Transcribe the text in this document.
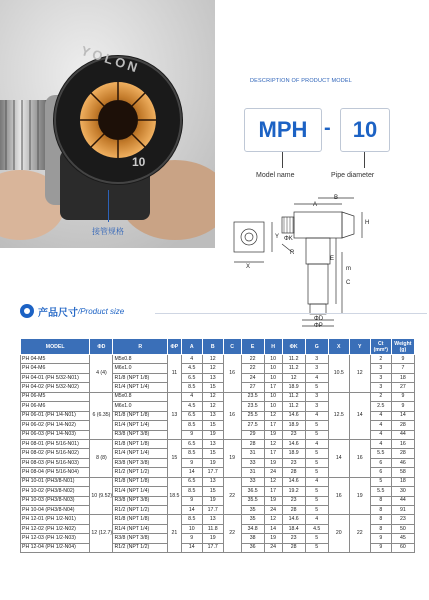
YOLON
10
接管规格
DESCRIPTION OF PRODUCT MODEL
MPH -	10
Model name	Pipe diameter
A
B
H
Y
X
R
ΦK
E
m
C
ΦD
ΦP
产品尺寸 /Product size
MODEL	ΦD	R	ΦP	A	B	C	E	H	ΦK	G	X	Y	Ct (mm²)	Weight (g)
PH 04-M5	4 (4)	M5x0.8	11	4	12	16	22	10	11.2	3	10.5	12	2	9
PH 04-M6		M6x1.0		4.5	12		22	10	11.2	3			3	7
PH 04-01 (PH 5/32-N01)		R1/8 (NPT 1/8)		6.5	13		24	10	12	4			3	18
PH 04-02 (PH 5/32-N02)		R1/4 (NPT 1/4)		8.5	15		27	17	18.9	5			3	27
PH 06-M5	6 (6.35)	M5x0.8	13	4	12	16	23.5	10	11.2	3	12.5	14	2	9
PH 06-M6		M6x1.0		4.5	12		23.5	10	11.2	3			2.5	9
PH 06-01 (PH 1/4-N01)		R1/8 (NPT 1/8)		6.5	13		25.5	12	14.6	4			4	14
PH 06-02 (PH 1/4-N02)		R1/4 (NPT 1/4)		8.5	15		27.5	17	18.9	5			4	28
PH 06-03 (PH 1/4-N03)		R3/8 (NPT 3/8)		9	19		29	19	23	5			4	44
PH 08-01 (PH 5/16-N01)	8 (8)	R1/8 (NPT 1/8)	15	6.5	13	19	28	12	14.6	4	14	16	4	16
PH 08-02 (PH 5/16-N02)		R1/4 (NPT 1/4)		8.5	15		31	17	18.9	5			5.5	28
PH 08-03 (PH 5/16-N03)		R3/8 (NPT 3/8)		9	19		33	19	23	5			6	46
PH 08-04 (PH 5/16-N04)		R1/2 (NPT 1/2)		14	17.7		31	24	28	5			6	58
PH 10-01 (PH3/8-N01)	10 (9.52)	R1/8 (NPT 1/8)	18.5	6.5	13	22	33	12	14.6	4	16	19	5	18
PH 10-02 (PH3/8-N02)		R1/4 (NPT 1/4)		8.5	15		36.5	17	19.2	5			5.5	30
PH 10-03 (PH3/8-N03)		R3/8 (NPT 3/8)		9	19		35.5	19	23	5			8	44
PH 10-04 (PH3/8-N04)		R1/2 (NPT 1/2)		14	17.7		35	24	28	5			8	91
PH 12-01 (PH 1/2-N01)	12 (12.7)	R1/8 (NPT 1/8)	21	8.5	13	22	35	12	14.6	4	20	22	8	23
PH 12-02 (PH 1/2-N02)		R1/4 (NPT 1/4)		10	11.8		34.8	14	18.4	4.5			8	50
PH 12-03 (PH 1/2-N03)		R3/8 (NPT 3/8)		9	19		38	19	23	5			9	45
PH 12-04 (PH 1/2-N04)		R1/2 (NPT 1/2)		14	17.7		36	24	28	5			9	60
